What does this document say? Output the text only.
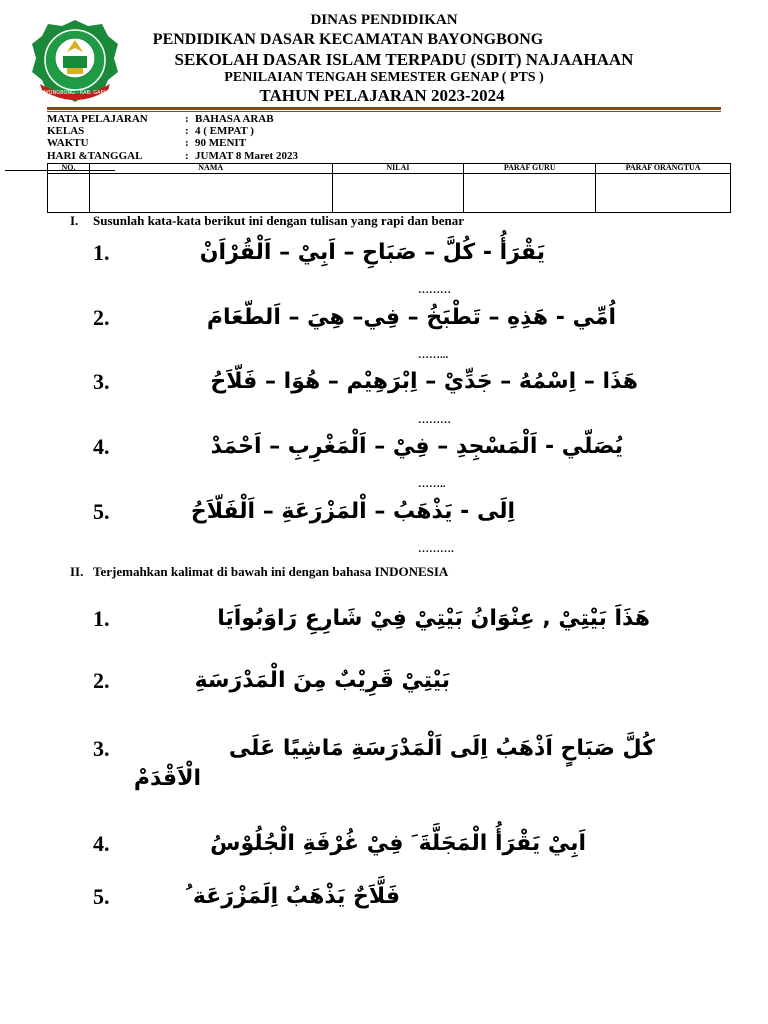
BAYONGBONG - KAB. GARUT
DINAS PENDIDIKAN
PENDIDIKAN DASAR KECAMATAN BAYONGBONG
SEKOLAH DASAR ISLAM TERPADU (SDIT) NAJAAHAAN
PENILAIAN TENGAH SEMESTER GENAP ( PTS )
TAHUN PELAJARAN 2023-2024
MATA PELAJARAN	: BAHASA ARAB
KELAS	: 4 ( EMPAT )
WAKTU	: 90 MENIT
HARI &TANGGAL	: JUMAT 8 Maret 2023
NO.	NAMA	NILAI	PARAF GURU	PARAF ORANGTUA

I. Susunlah kata-kata berikut ini dengan tulisan yang rapi dan benar
1.	يَقْرَأُ - كُلَّ – صَبَاحِ – اَبِيْ – اَلْقُرْاَنْ
………
2.	اُمِّي - هَذِهِ – تَطْبَخُ – فِي– هِيَ – اَلطّعَامَ
……...
3.	هَذَا – اِسْمُهُ – جَدِّيْ – اِبْرَهِيْم – هُوَا – فَلّاَحُ
………
4.	يُصَلّي - اَلْمَسْجِدِ – فِيْ – اَلْمَغْرِبِ – اَحْمَدْ
……..
5.	اِلَى - يَذْهَبُ – اْلمَزْرَعَةِ – اَلْفَلّاَحُ
……….
II. Terjemahkan kalimat di bawah ini dengan bahasa INDONESIA
1.	هَذَاَ بَيْتِيْ , عِنْوَانُ بَيْتِيْ فِيْ شَارِعِ رَاوَبُواَيَا
2.	بَيْتِيْ قَرِيْبٌ مِنَ الْمَدْرَسَةِ
3.	كُلَّ صَبَاحٍ اَذْهَبُ اِلَى اَلْمَدْرَسَةِ مَاشِيًا عَلَى
الْاَقْدَمْ
4.	اَبِيْ يَقْرَأُ الْمَجَلَّةَ َ فِيْ غُرْفَةِ الْجُلُوْسُ
5.	فَلَّاَحٌ يَذْهَبُ اِلَمَزْرَعَة ُ
